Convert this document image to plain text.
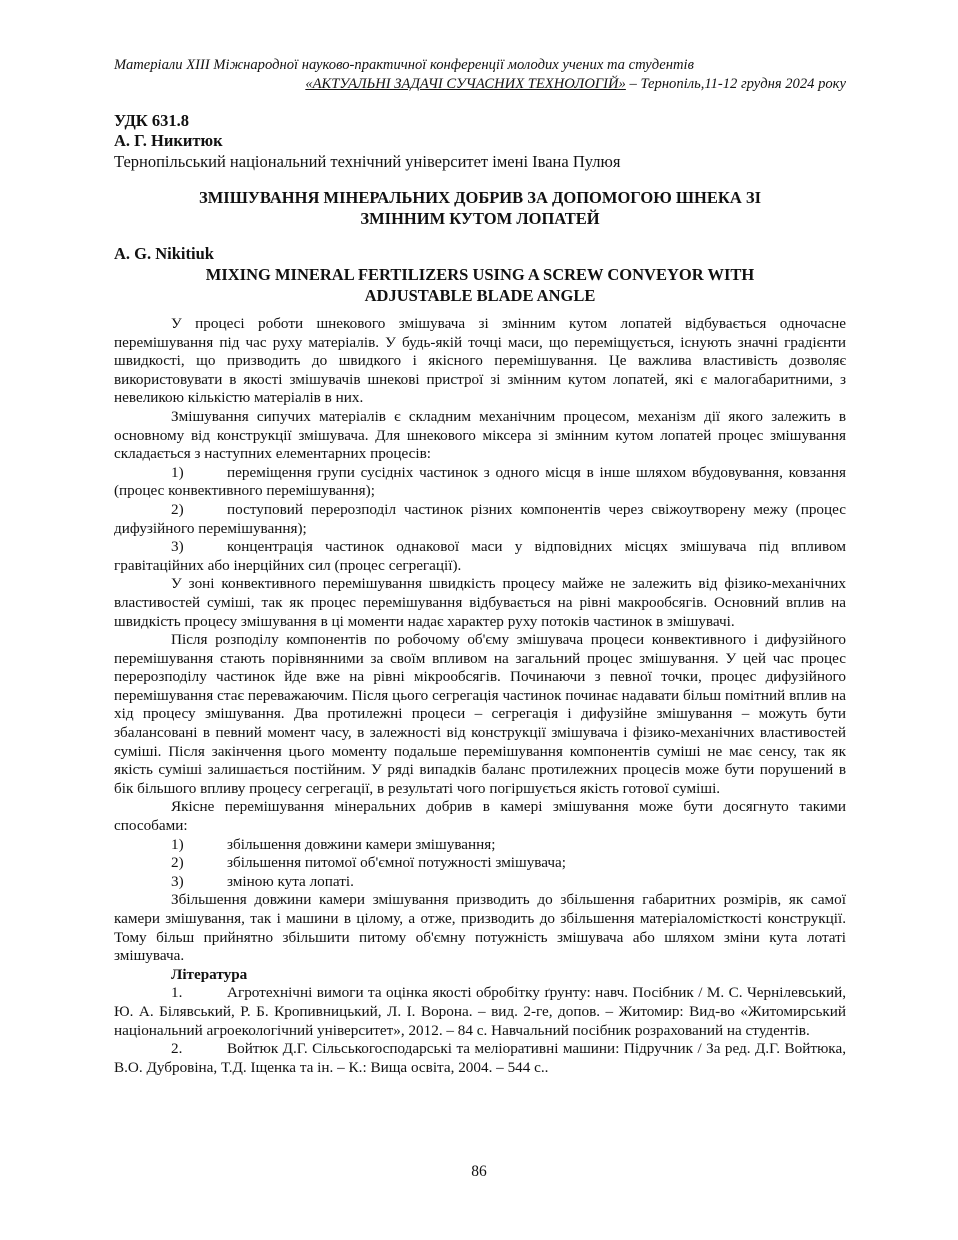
Матеріали XIII Міжнародної науково-практичної конференції молодих учених та студентів
«АКТУАЛЬНІ ЗАДАЧІ СУЧАСНИХ ТЕХНОЛОГІЙ» – Тернопіль,11-12 грудня 2024 року
УДК 631.8
А. Г. Никитюк
Тернопільський національний технічний університет імені Івана Пулюя
ЗМІШУВАННЯ МІНЕРАЛЬНИХ ДОБРИВ ЗА ДОПОМОГОЮ ШНЕКА ЗІ
ЗМІННИМ КУТОМ ЛОПАТЕЙ
A. G. Nikitiuk
MIXING MINERAL FERTILIZERS USING A SCREW CONVEYOR WITH
ADJUSTABLE BLADE ANGLE

У процесі роботи шнекового змішувача зі змінним кутом лопатей відбувається одночасне перемішування під час руху матеріалів. У будь-якій точці маси, що переміщується, існують значні градієнти швидкості, що призводить до швидкого і якісного перемішування. Це важлива властивість дозволяє використовувати в якості змішувачів шнекові пристрої зі змінним кутом лопатей, які є малогабаритними, з невеликою кількістю матеріалів в них.

Змішування сипучих матеріалів є складним механічним процесом, механізм дії якого залежить в основному від конструкції змішувача. Для шнекового міксера зі змінним кутом лопатей процес змішування складається з наступних елементарних процесів:

1)	переміщення групи сусідніх частинок з одного місця в інше шляхом вбудовування, ковзання (процес конвективного перемішування);

2)	поступовий перерозподіл частинок різних компонентів через свіжоутворену межу (процес дифузійного перемішування);

3)	концентрація частинок однакової маси у відповідних місцях змішувача під впливом гравітаційних або інерційних сил (процес сегрегації).

У зоні конвективного перемішування швидкість процесу майже не залежить від фізико-механічних властивостей суміші, так як процес перемішування відбувається на рівні макрообсягів. Основний вплив на швидкість процесу змішування в ці моменти надає характер руху потоків частинок в змішувачі.

Після розподілу компонентів по робочому об'єму змішувача процеси конвективного і дифузійного перемішування стають порівнянними за своїм впливом на загальний процес змішування. У цей час процес перерозподілу частинок йде вже на рівні мікрообсягів. Починаючи з певної точки, процес дифузійного перемішування стає переважаючим. Після цього сегрегація частинок починає надавати більш помітний вплив на хід процесу змішування. Два протилежні процеси – сегрегація і дифузійне змішування – можуть бути збалансовані в певний момент часу, в залежності від конструкції змішувача і фізико-механічних властивостей суміші. Після закінчення цього моменту подальше перемішування компонентів суміші не має сенсу, так як якість суміші залишається постійним. У ряді випадків баланс протилежних процесів може бути порушений в бік більшого впливу процесу сегрегації, в результаті чого погіршується якість готової суміші.

Якісне перемішування мінеральних добрив в камері змішування може бути досягнуто такими способами:

1)	збільшення довжини камери змішування;

2)	збільшення питомої об'ємної потужності змішувача;

3)	зміною кута лопаті.

Збільшення довжини камери змішування призводить до збільшення габаритних розмірів, як самої камери змішування, так і машини в цілому, а отже, призводить до збільшення матеріаломісткості конструкції. Тому більш прийнятно збільшити питому об'ємну потужність змішувача або шляхом зміни кута лотаті змішувача.

Література

1.	Агротехнічні вимоги та оцінка якості обробітку ґрунту: навч. Посібник / М. С. Чернілевський, Ю. А. Білявський, Р. Б. Кропивницький, Л. І. Ворона. – вид. 2-ге, допов. – Житомир: Вид-во «Житомирський національний агроекологічний університет», 2012. – 84 с. Навчальний посібник розрахований на студентів.

2.	Войтюк Д.Г. Сільськогосподарські та меліоративні машини: Підручник / За ред. Д.Г. Войтюка, В.О. Дубровіна, Т.Д. Іщенка та ін. – К.: Вища освіта, 2004. – 544 с..

86
